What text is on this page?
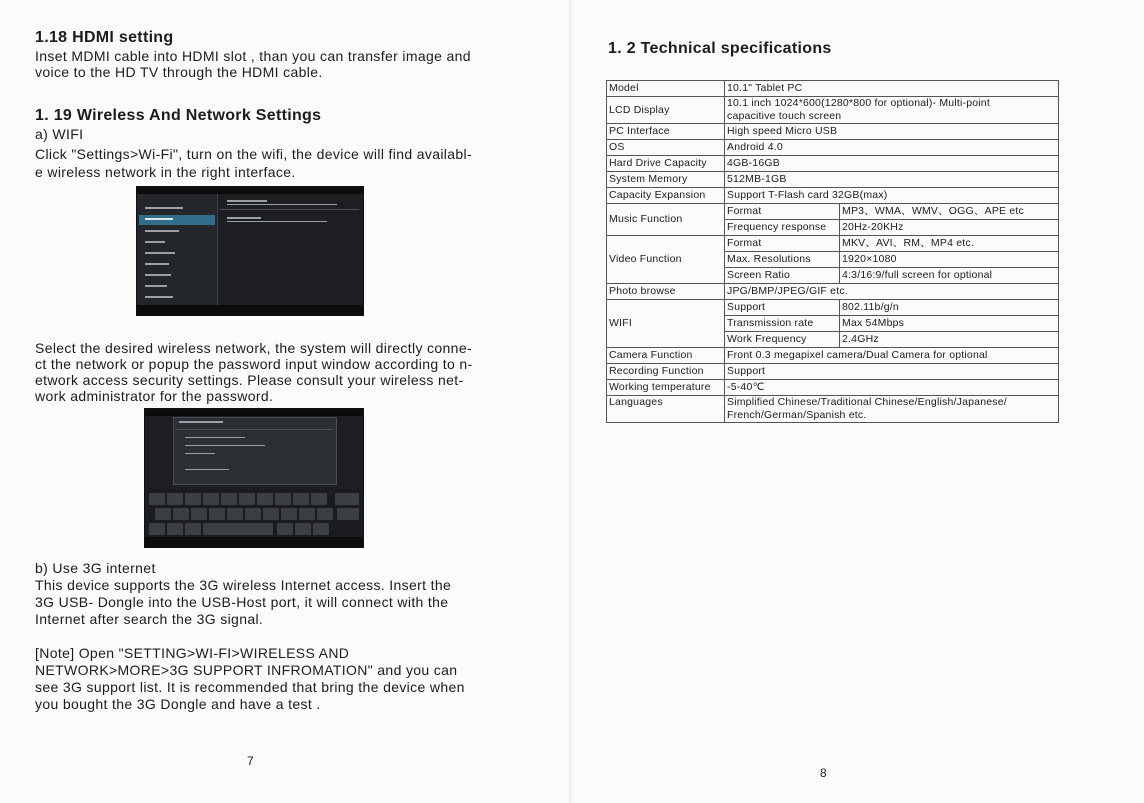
1.18 HDMI setting
Inset MDMI cable into HDMI slot , than you can transfer image and
voice to the HD TV through the HDMI cable.
1. 19 Wireless And Network Settings
a) WIFI
Click "Settings>Wi-Fi", turn on the wifi, the device will find availabl-
e wireless network in the right interface.
Select the desired wireless network, the system will directly conne-
ct the network or popup the password input window according to n-
etwork access security settings. Please consult your wireless net-
work administrator for the password.
b) Use 3G internet
This device supports the 3G wireless Internet access. Insert the
3G USB- Dongle into the USB-Host port, it will connect with the
Internet after search the 3G signal.
[Note] Open "SETTING>WI-FI>WIRELESS AND
NETWORK>MORE>3G SUPPORT INFROMATION" and you can
see 3G support list. It is recommended that bring the device when
you bought the 3G Dongle and have a test .
7
1. 2 Technical specifications
8
Model	10.1" Tablet PC	
LCD Display	10.1 inch 1024*600(1280*800 for optional)- Multi-point
capacitive touch screen	

PC Interface	High speed Micro USB	
OS	Android 4.0	
Hard Drive Capacity	4GB-16GB	
System Memory	512MB-1GB	
Capacity Expansion	Support T-Flash card 32GB(max)	
Music Function	Format	MP3、WMA、WMV、OGG、APE etc
	Frequency response	20Hz-20KHz
Video Function	Format	MKV、AVI、RM、MP4 etc.
	Max. Resolutions	1920×1080
	Screen Ratio	4:3/16:9/full screen for optional
Photo browse	JPG/BMP/JPEG/GIF etc.	
WIFI	Support	802.11b/g/n
	Transmission rate	Max 54Mbps
	Work Frequency	2.4GHz
Camera Function	Front 0.3 megapixel camera/Dual Camera for optional	
Recording Function	Support	
Working temperature	-5-40℃	
Languages	Simplified Chinese/Traditional Chinese/English/Japanese/
French/German/Spanish etc.	
